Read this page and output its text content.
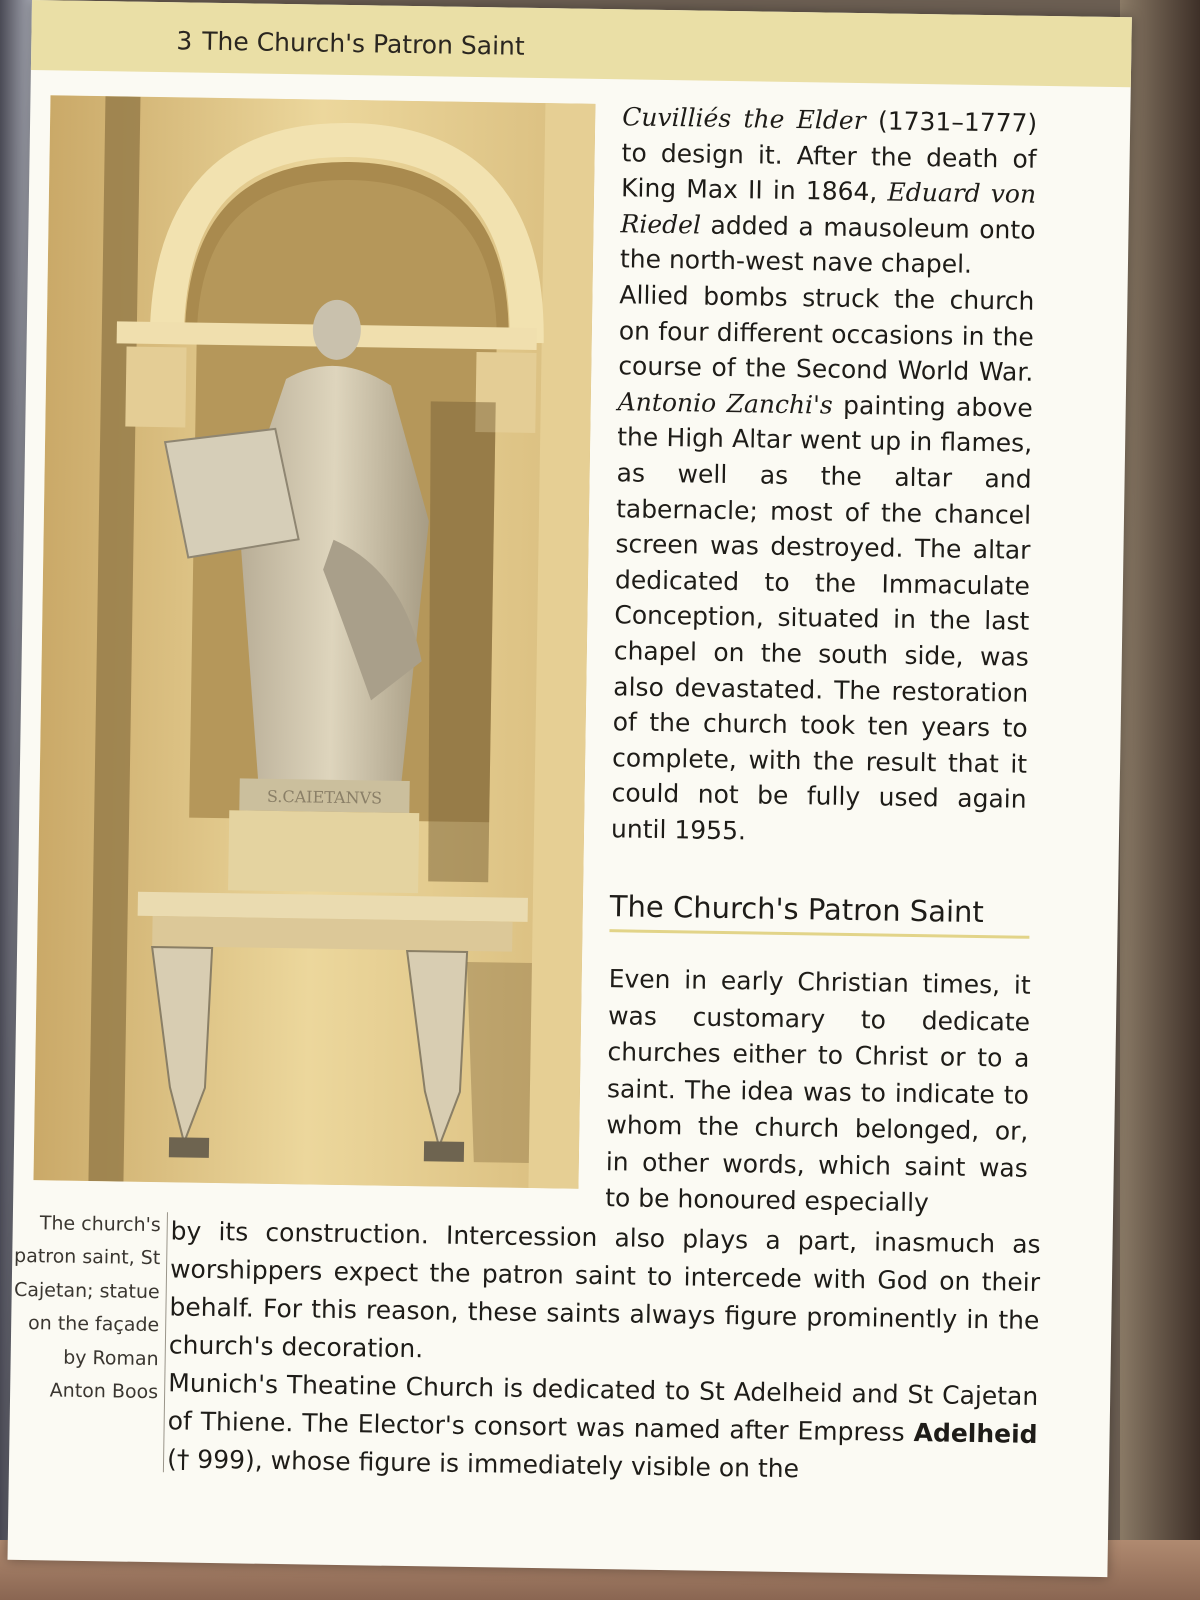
3 The Church's Patron Saint
S.CAIETANVS

Cuvilliés the Elder (1731–1777) to design it. After the death of King Max II in 1864, Eduard von Riedel added a mausoleum onto the north-west nave chapel.

Allied bombs struck the church on four different occasions in the course of the Second World War. Antonio Zanchi's painting above the High Altar went up in flames, as well as the altar and tabernacle; most of the chancel screen was destroyed. The altar dedicated to the Immaculate Conception, situated in the last chapel on the south side, was also devastated. The restoration of the church took ten years to complete, with the result that it could not be fully used again until 1955.

The Church's Patron Saint

Even in early Christian times, it was customary to dedicate churches either to Christ or to a saint. The idea was to indicate to whom the church belonged, or, in other words, which saint was to be honoured especially

The church's patron saint, St Cajetan; statue on the façade by Roman Anton Boos

by its construction. Intercession also plays a part, inasmuch as worshippers expect the patron saint to intercede with God on their behalf. For this reason, these saints always figure prominently in the church's decoration.

Munich's Theatine Church is dedicated to St Adelheid and St Cajetan of Thiene. The Elector's consort was named after Empress Adelheid († 999), whose figure is immediately visible on the
